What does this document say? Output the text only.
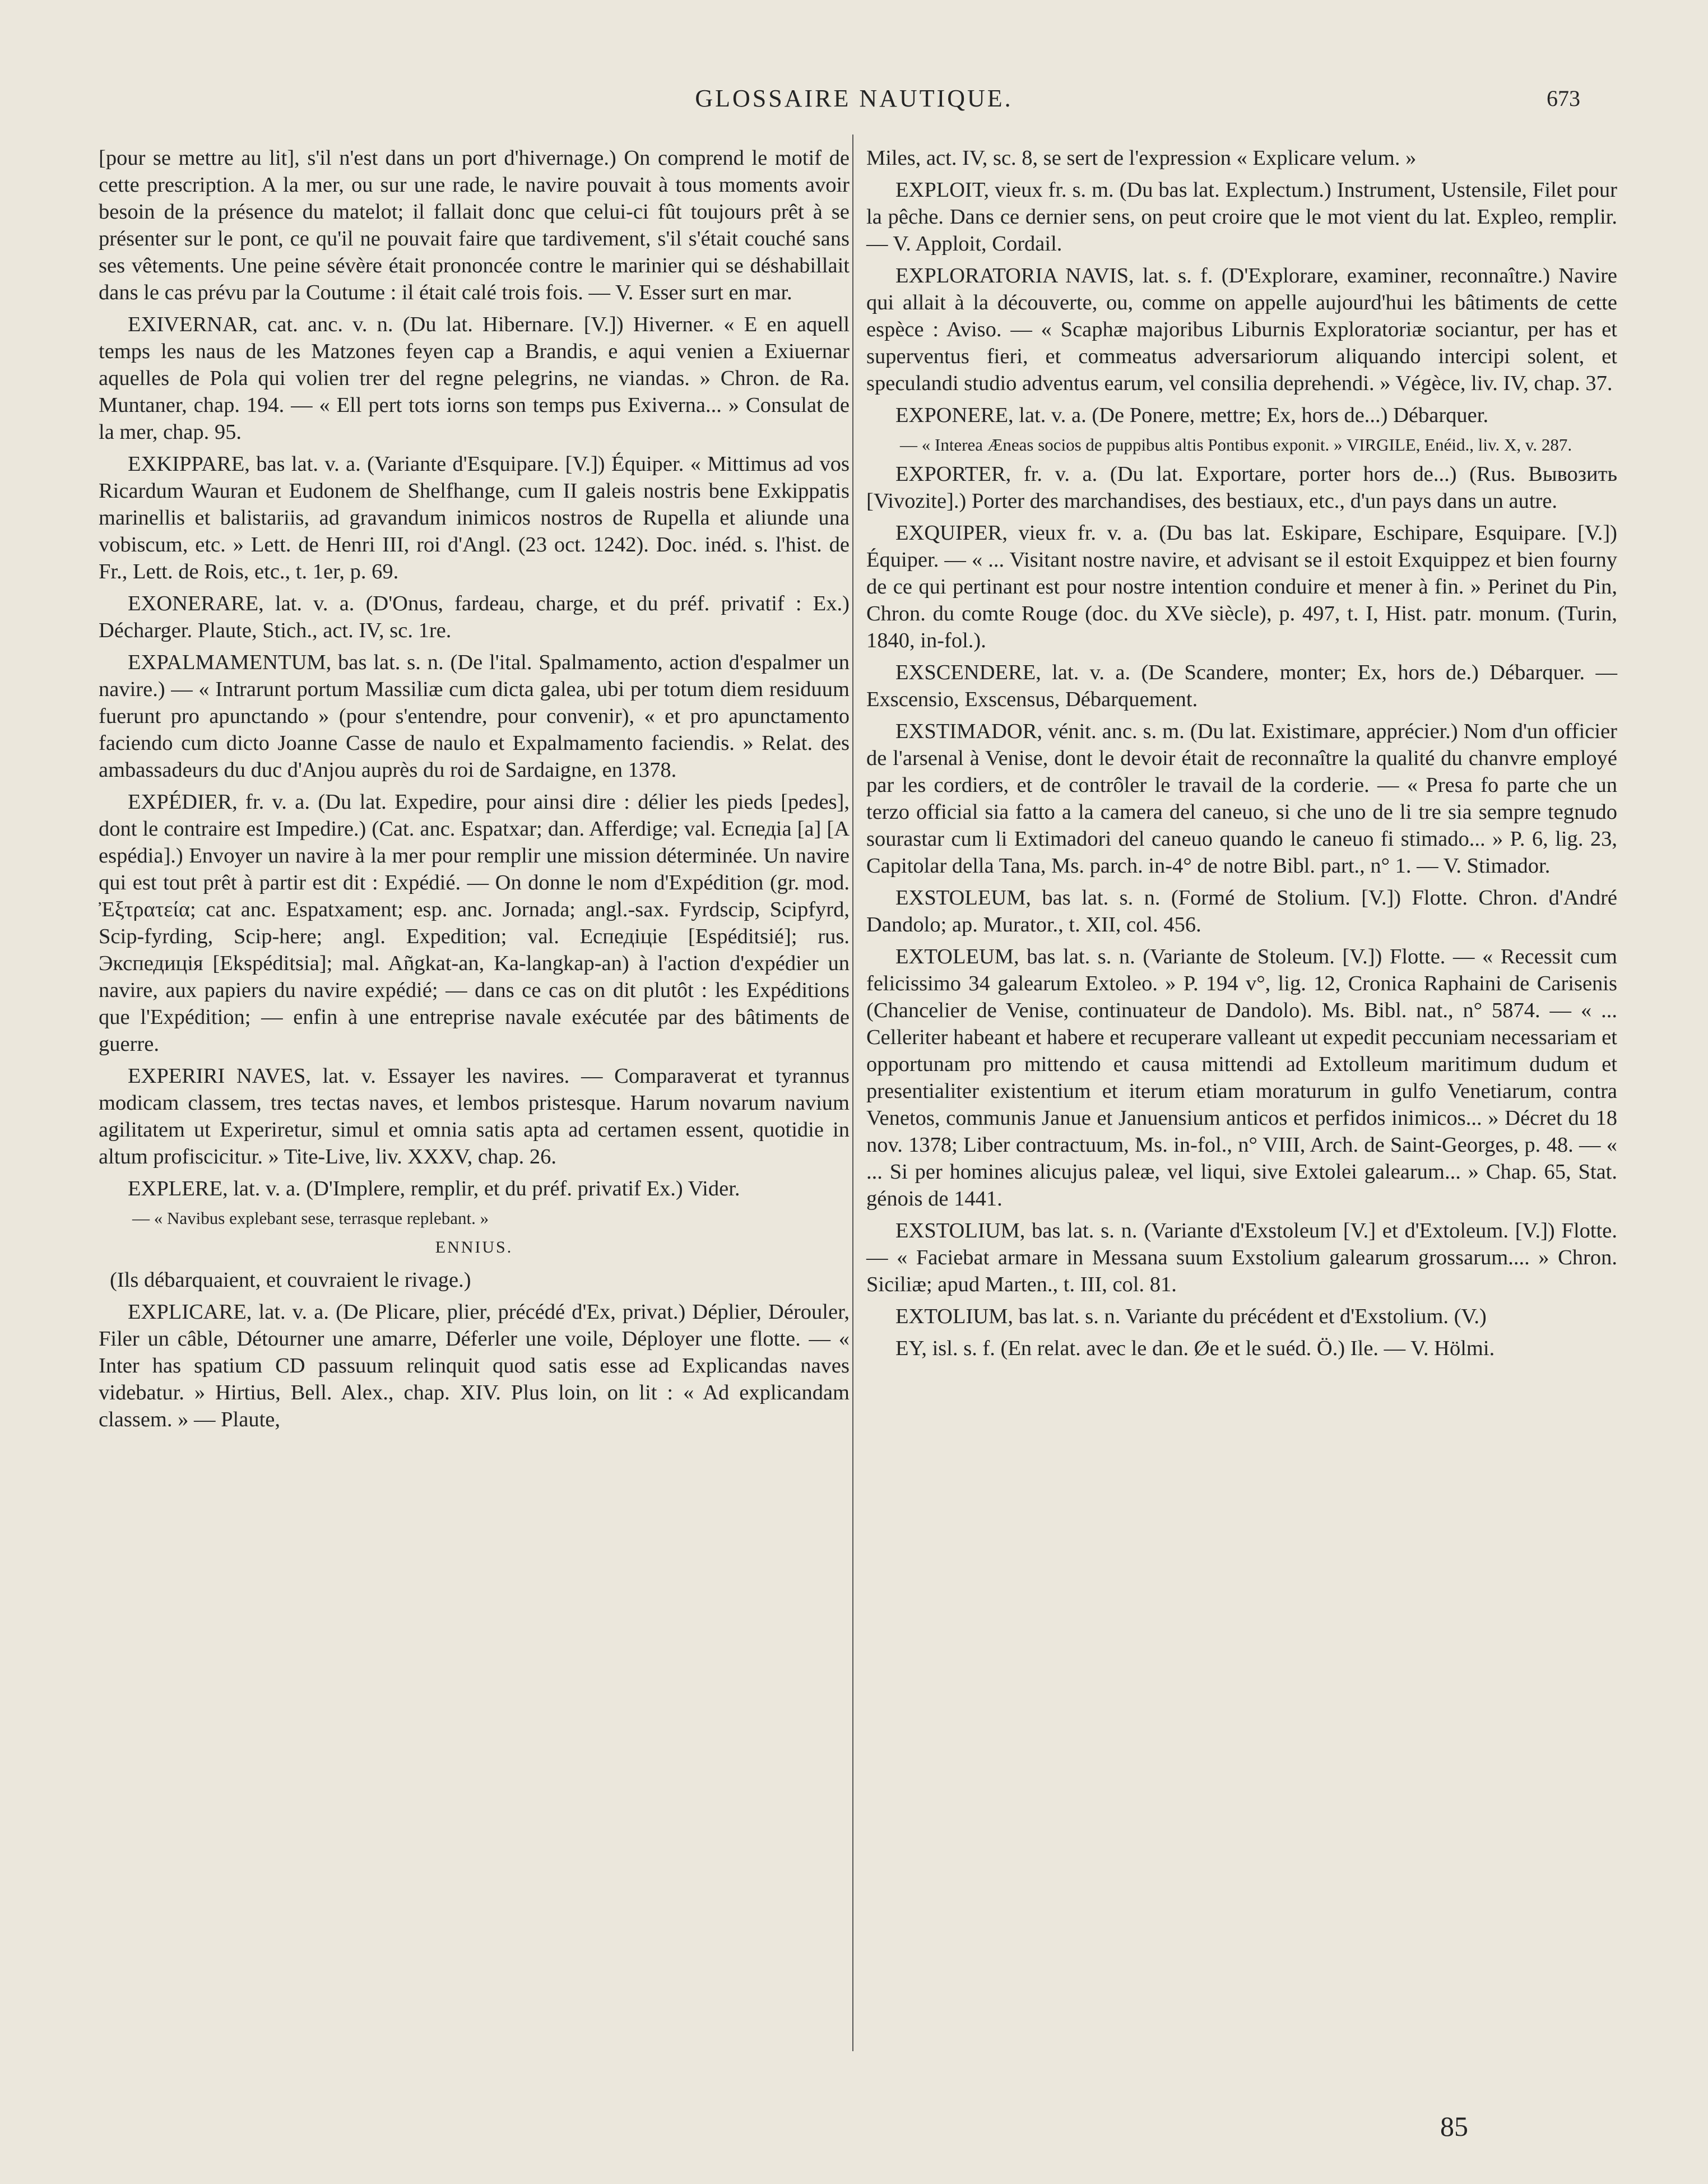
GLOSSAIRE NAUTIQUE.	673

[pour se mettre au lit], s'il n'est dans un port d'hivernage.) On comprend le motif de cette prescription. A la mer, ou sur une rade, le navire pouvait à tous moments avoir besoin de la présence du matelot; il fallait donc que celui-ci fût toujours prêt à se présenter sur le pont, ce qu'il ne pouvait faire que tardivement, s'il s'était couché sans ses vêtements. Une peine sévère était prononcée contre le marinier qui se déshabillait dans le cas prévu par la Coutume : il était calé trois fois. — V. Esser surt en mar.

EXIVERNAR, cat. anc. v. n. (Du lat. Hibernare. [V.]) Hiverner. « E en aquell temps les naus de les Matzones feyen cap a Brandis, e aqui venien a Exiuernar aquelles de Pola qui volien trer del regne pelegrins, ne viandas. » Chron. de Ra. Muntaner, chap. 194. — « Ell pert tots iorns son temps pus Exiverna... » Consulat de la mer, chap. 95.

EXKIPPARE, bas lat. v. a. (Variante d'Esquipare. [V.]) Équiper. « Mittimus ad vos Ricardum Wauran et Eudonem de Shelfhange, cum II galeis nostris bene Exkippatis marinellis et balistariis, ad gravandum inimicos nostros de Rupella et aliunde una vobiscum, etc. » Lett. de Henri III, roi d'Angl. (23 oct. 1242). Doc. inéd. s. l'hist. de Fr., Lett. de Rois, etc., t. 1er, p. 69.

EXONERARE, lat. v. a. (D'Onus, fardeau, charge, et du préf. privatif : Ex.) Décharger. Plaute, Stich., act. IV, sc. 1re.

EXPALMAMENTUM, bas lat. s. n. (De l'ital. Spalmamento, action d'espalmer un navire.) — « Intrarunt portum Massiliæ cum dicta galea, ubi per totum diem residuum fuerunt pro apunctando » (pour s'entendre, pour convenir), « et pro apunctamento faciendo cum dicto Joanne Casse de naulo et Expalmamento faciendis. » Relat. des ambassadeurs du duc d'Anjou auprès du roi de Sardaigne, en 1378.

EXPÉDIER, fr. v. a. (Du lat. Expedire, pour ainsi dire : délier les pieds [pedes], dont le contraire est Impedire.) (Cat. anc. Espatxar; dan. Afferdige; val. Еспедiа [a] [A espédia].) Envoyer un navire à la mer pour remplir une mission déterminée. Un navire qui est tout prêt à partir est dit : Expédié. — On donne le nom d'Expédition (gr. mod. Ἐξτρατεία; cat anc. Espatxament; esp. anc. Jornada; angl.-sax. Fyrdscip, Scipfyrd, Scip-fyrding, Scip-here; angl. Expedition; val. Еспедiцiе [Espéditsié]; rus. Экспедицiя [Ekspéditsia]; mal. Añgkat-an, Ka-langkap-an) à l'action d'expédier un navire, aux papiers du navire expédié; — dans ce cas on dit plutôt : les Expéditions que l'Expédition; — enfin à une entreprise navale exécutée par des bâtiments de guerre.

EXPERIRI NAVES, lat. v. Essayer les navires. — Comparaverat et tyrannus modicam classem, tres tectas naves, et lembos pristesque. Harum novarum navium agilitatem ut Experiretur, simul et omnia satis apta ad certamen essent, quotidie in altum profiscicitur. » Tite-Live, liv. XXXV, chap. 26.

EXPLERE, lat. v. a. (D'Implere, remplir, et du préf. privatif Ex.) Vider.

— « Navibus explebant sese, terrasque replebant. »

ENNIUS.

(Ils débarquaient, et couvraient le rivage.)

EXPLICARE, lat. v. a. (De Plicare, plier, précédé d'Ex, privat.) Déplier, Dérouler, Filer un câble, Détourner une amarre, Déferler une voile, Déployer une flotte. — « Inter has spatium CD passuum relinquit quod satis esse ad Explicandas naves videbatur. » Hirtius, Bell. Alex., chap. XIV. Plus loin, on lit : « Ad explicandam classem. » — Plaute,

Miles, act. IV, sc. 8, se sert de l'expression « Explicare velum. »

EXPLOIT, vieux fr. s. m. (Du bas lat. Explectum.) Instrument, Ustensile, Filet pour la pêche. Dans ce dernier sens, on peut croire que le mot vient du lat. Expleo, remplir. — V. Apploit, Cordail.

EXPLORATORIA NAVIS, lat. s. f. (D'Explorare, examiner, reconnaître.) Navire qui allait à la découverte, ou, comme on appelle aujourd'hui les bâtiments de cette espèce : Aviso. — « Scaphæ majoribus Liburnis Exploratoriæ sociantur, per has et superventus fieri, et commeatus adversariorum aliquando intercipi solent, et speculandi studio adventus earum, vel consilia deprehendi. » Végèce, liv. IV, chap. 37.

EXPONERE, lat. v. a. (De Ponere, mettre; Ex, hors de...) Débarquer.

— « Interea Æneas socios de puppibus altis Pontibus exponit. » VIRGILE, Enéid., liv. X, v. 287.

EXPORTER, fr. v. a. (Du lat. Exportare, porter hors de...) (Rus. Вывозить [Vivozite].) Porter des marchandises, des bestiaux, etc., d'un pays dans un autre.

EXQUIPER, vieux fr. v. a. (Du bas lat. Eskipare, Eschipare, Esquipare. [V.]) Équiper. — « ... Visitant nostre navire, et advisant se il estoit Exquippez et bien fourny de ce qui pertinant est pour nostre intention conduire et mener à fin. » Perinet du Pin, Chron. du comte Rouge (doc. du XVe siècle), p. 497, t. I, Hist. patr. monum. (Turin, 1840, in-fol.).

EXSCENDERE, lat. v. a. (De Scandere, monter; Ex, hors de.) Débarquer. — Exscensio, Exscensus, Débarquement.

EXSTIMADOR, vénit. anc. s. m. (Du lat. Existimare, apprécier.) Nom d'un officier de l'arsenal à Venise, dont le devoir était de reconnaître la qualité du chanvre employé par les cordiers, et de contrôler le travail de la corderie. — « Presa fo parte che un terzo official sia fatto a la camera del caneuo, si che uno de li tre sia sempre tegnudo sourastar cum li Extimadori del caneuo quando le caneuo fi stimado... » P. 6, lig. 23, Capitolar della Tana, Ms. parch. in-4° de notre Bibl. part., n° 1. — V. Stimador.

EXSTOLEUM, bas lat. s. n. (Formé de Stolium. [V.]) Flotte. Chron. d'André Dandolo; ap. Murator., t. XII, col. 456.

EXTOLEUM, bas lat. s. n. (Variante de Stoleum. [V.]) Flotte. — « Recessit cum felicissimo 34 galearum Extoleo. » P. 194 v°, lig. 12, Cronica Raphaini de Carisenis (Chancelier de Venise, continuateur de Dandolo). Ms. Bibl. nat., n° 5874. — « ... Celleriter habeant et habere et recuperare valleant ut expedit peccuniam necessariam et opportunam pro mittendo et causa mittendi ad Extolleum maritimum dudum et presentialiter existentium et iterum etiam moraturum in gulfo Venetiarum, contra Venetos, communis Janue et Januensium anticos et perfidos inimicos... » Décret du 18 nov. 1378; Liber contractuum, Ms. in-fol., n° VIII, Arch. de Saint-Georges, p. 48. — « ... Si per homines alicujus paleæ, vel liqui, sive Extolei galearum... » Chap. 65, Stat. génois de 1441.

EXSTOLIUM, bas lat. s. n. (Variante d'Exstoleum [V.] et d'Extoleum. [V.]) Flotte. — « Faciebat armare in Messana suum Exstolium galearum grossarum.... » Chron. Siciliæ; apud Marten., t. III, col. 81.

EXTOLIUM, bas lat. s. n. Variante du précédent et d'Exstolium. (V.)

EY, isl. s. f. (En relat. avec le dan. Øe et le suéd. Ö.) Ile. — V. Hölmi.

85
